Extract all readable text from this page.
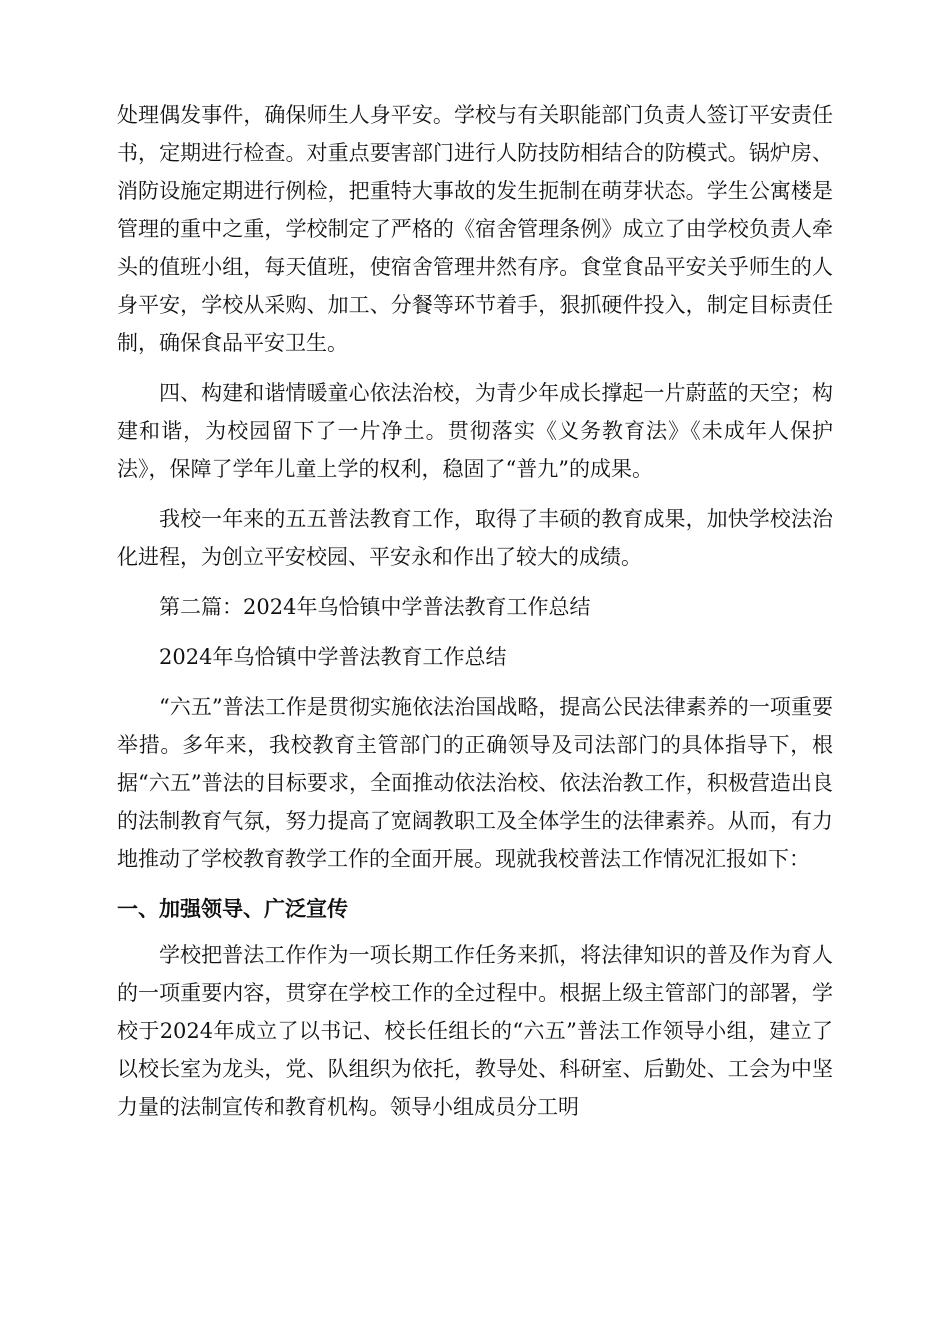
处理偶发事件，确保师生人身平安。学校与有关职能部门负责人签订平安责任书，定期进行检查。对重点要害部门进行人防技防相结合的防模式。锅炉房、消防设施定期进行例检，把重特大事故的发生扼制在萌芽状态。学生公寓楼是管理的重中之重，学校制定了严格的《宿舍管理条例》成立了由学校负责人牵头的值班小组，每天值班，使宿舍管理井然有序。食堂食品平安关乎师生的人身平安，学校从采购、加工、分餐等环节着手，狠抓硬件投入，制定目标责任制，确保食品平安卫生。

四、构建和谐情暖童心依法治校，为青少年成长撑起一片蔚蓝的天空；构建和谐，为校园留下了一片净土。贯彻落实《义务教育法》《未成年人保护法》，保障了学年儿童上学的权利，稳固了“普九”的成果。

我校一年来的五五普法教育工作，取得了丰硕的教育成果，加快学校法治化进程，为创立平安校园、平安永和作出了较大的成绩。

第二篇：2024年乌恰镇中学普法教育工作总结

2024年乌恰镇中学普法教育工作总结

“六五”普法工作是贯彻实施依法治国战略，提高公民法律素养的一项重要举措。多年来，我校教育主管部门的正确领导及司法部门的具体指导下，根据“六五”普法的目标要求，全面推动依法治校、依法治教工作，积极营造出良的法制教育气氛，努力提高了宽阔教职工及全体学生的法律素养。从而，有力地推动了学校教育教学工作的全面开展。现就我校普法工作情况汇报如下：

一、加强领导、广泛宣传

学校把普法工作作为一项长期工作任务来抓，将法律知识的普及作为育人的一项重要内容，贯穿在学校工作的全过程中。根据上级主管部门的部署，学校于2024年成立了以书记、校长任组长的“六五”普法工作领导小组，建立了以校长室为龙头，党、队组织为依托，教导处、科研室、后勤处、工会为中坚力量的法制宣传和教育机构。领导小组成员分工明
